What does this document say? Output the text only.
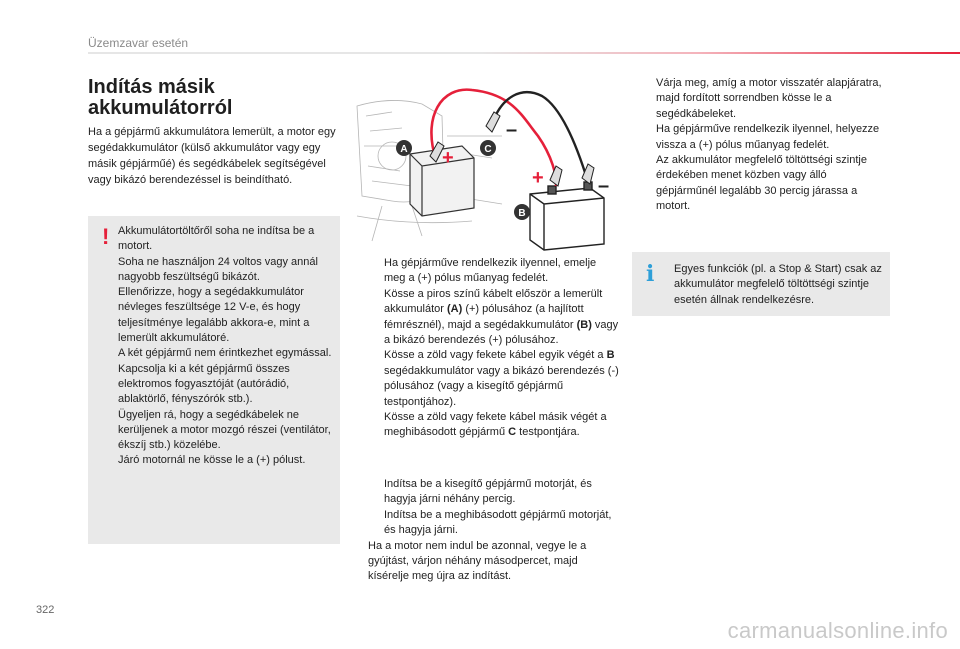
Üzemzavar esetén
Indítás másik
akkumulátorról
Ha a gépjármű akkumulátora lemerült, a motor egy segédakkumulátor (külső akkumulátor vagy egy másik gépjárműé) és segédkábelek segítségével vagy bikázó berendezéssel is beindítható.
! Akkumulátortöltőről soha ne indítsa be a motort.
Soha ne használjon 24 voltos vagy annál nagyobb feszültségű bikázót.
Ellenőrizze, hogy a segédakkumulátor névleges feszültsége 12 V-e, és hogy teljesítménye legalább akkora-e, mint a lemerült akkumulátoré.
A két gépjármű nem érintkezhet egymással.
Kapcsolja ki a két gépjármű összes elektromos fogyasztóját (autórádió, ablaktörlő, fényszórók stb.).
Ügyeljen rá, hogy a segédkábelek ne kerüljenek a motor mozgó részei (ventilátor, ékszíj stb.) közelébe.
Járó motornál ne kösse le a (+) pólust.
+
+
–
–
A	C
B
Ha gépjárműve rendelkezik ilyennel, emelje meg a (+) pólus műanyag fedelét.
Kösse a piros színű kábelt először a lemerült akkumulátor (A) (+) pólusához (a hajlított fémrésznél), majd a segédakkumulátor (B) vagy a bikázó berendezés (+) pólusához.
Kösse a zöld vagy fekete kábel egyik végét a B segédakkumulátor vagy a bikázó berendezés (-) pólusához (vagy a kisegítő gépjármű testpontjához).
Kösse a zöld vagy fekete kábel másik végét a meghibásodott gépjármű C testpontjára.
Indítsa be a kisegítő gépjármű motorját, és hagyja járni néhány percig.
Indítsa be a meghibásodott gépjármű motorját, és hagyja járni.
Ha a motor nem indul be azonnal, vegye le a gyújtást, várjon néhány másodpercet, majd kísérelje meg újra az indítást.
Várja meg, amíg a motor visszatér alapjáratra, majd fordított sorrendben kösse le a segédkábeleket.
Ha gépjárműve rendelkezik ilyennel, helyezze vissza a (+) pólus műanyag fedelét.
Az akkumulátor megfelelő töltöttségi szintje érdekében menet közben vagy álló gépjárműnél legalább 30 percig járassa a motort.
i Egyes funkciók (pl. a Stop & Start) csak az akkumulátor megfelelő töltöttségi szintje esetén állnak rendelkezésre.
322
carmanualsonline.info
